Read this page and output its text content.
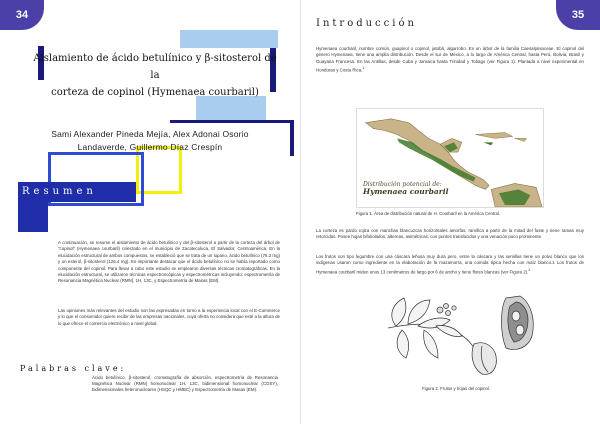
34
Aislamiento de ácido betulínico y β-sitosterol de la
corteza de copinol (Hymenaea courbaril)
Sami Alexander Pineda Mejía, Alex Adonai Osorio
Landaverde, Guillermo Díaz Crespín
Resumen

A continuación, se resume el aislamiento de ácido betulínico y del β-sitosterol a partir de la corteza del árbol de "copinol" (Hymenaea courbaril) colectado en el municipio de Zacatecoluca, El Salvador, Centroamérica. En la elucidación estructural de ambos compuestos, se estableció que se trata de un lupano, ácido betulínico (76.3 mg) y un esterol, β-sitosterol (126.4 mg). Es importante destacar que el ácido betulínico no se había reportado como componente del copinol. Para llevar a cabo este estudio se emplearon diversas técnicas cromatográficas. En la elucidación estructural, se utilizaron técnicas espectroscópicas y espectrométricas incluyendo: espectrometría de Resonancia Magnética Nuclear (RMN), 1H, 13C, y Espectrometría de Masas (EM).

Las opiniones más relevantes del estudio son las expresadas en torno a la experiencia local con el E-Commerce y lo que el consumidor quiere recibir de las empresas nacionales, cuya oferta no considera que esté a la altura de lo que ofrece el comercio electrónico a nivel global.

Palabras clave:

Ácido betulínico, β-sitosterol, cromatografía de absorción, espectrometría de Resonancia Magnética Nuclear (RMN) homonuclear 1H, 13C, bidimensional homonuclear (COSY), bidimensionales heteronucleares (HSQC y HMBC) y Espectrometría de Masas (EM).

35
Introducción

Hymenaea courbaril, nombre común, guapinol o copinol, jatobá, algarrobo. Es un árbol de la familia Caesalpiniaceae. El copinol del género Hymenaea, tiene una amplia distribución. Desde el sur de México, a lo largo de América Central, hasta Perú, Bolivia, Brasil y Guayana Francesa. En las Antillas, desde Cuba y Jamaica hasta Trinidad y Tobago (ver Figura 1). Plantada a nivel experimental en Honduras y Costa Rica.$^1$

Distribución potencial de:
Hymenaea courbaril
Figura 1. Área de distribución natural de H. Courbaril en la América Central.

La corteza es pardo rojiza con manchas blancuzcas horizontales amorfas, ramifica a partir de la mitad del fuste y tiene ramas muy retorcidas. Posee hojas bifoliolados, alternas, asimétricas, con puntos translúcidos y una venación poco prominente.

Los frutos son tipo legumbre con una cáscara leñosa muy dura pero, entre la cáscara y las semillas tiene un polvo blanco que los indígenas usaron como ingrediente en la elaboración de la mazamorra, una comida típica hecha con maíz blanco.1 Los frutos de Hymenaea courbaril miden unos 13 centímetros de largo por 6 de ancho y tiene flores blancas (ver Figura 2).$^2$

Figura 2. Frutos y hojas del copinol.
